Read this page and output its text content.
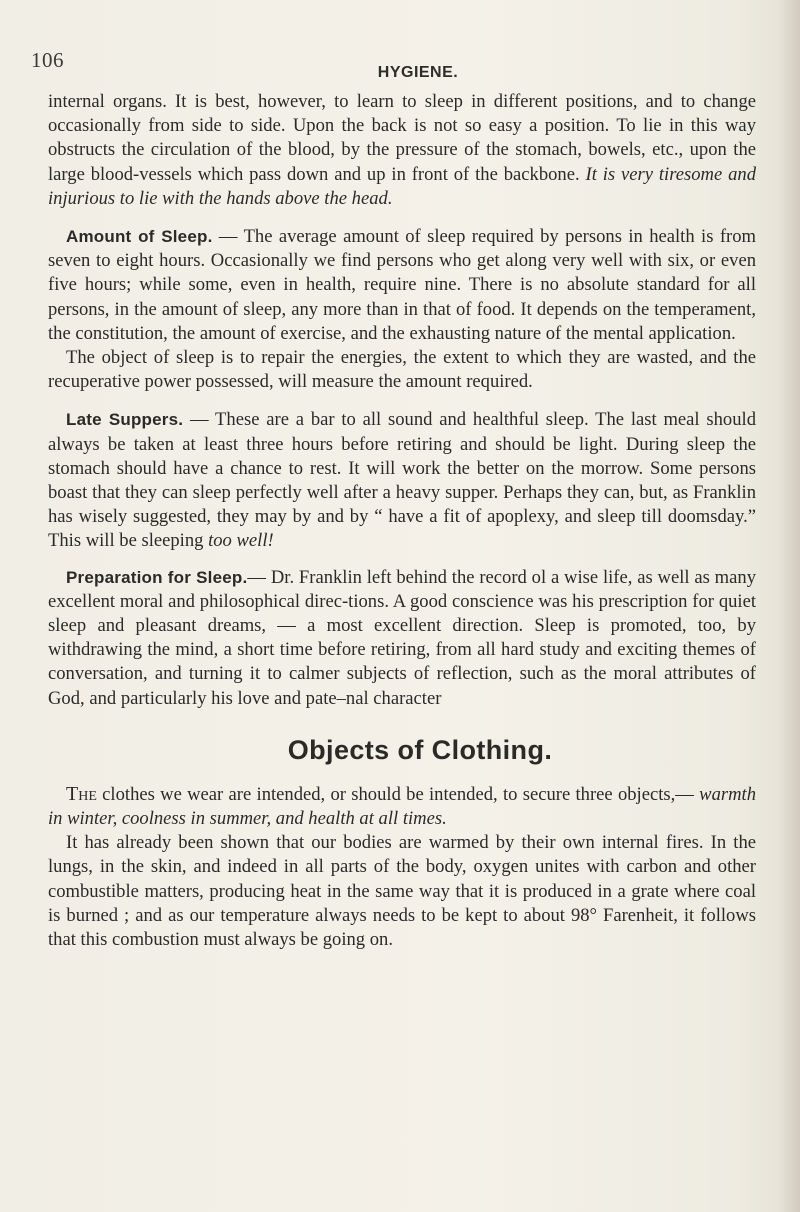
106
HYGIENE.

internal organs. It is best, however, to learn to sleep in different positions, and to change occasionally from side to side. Upon the back is not so easy a position. To lie in this way obstructs the circulation of the blood, by the pressure of the stomach, bowels, etc., upon the large blood-vessels which pass down and up in front of the backbone. It is very tiresome and injurious to lie with the hands above the head.

Amount of Sleep. — The average amount of sleep required by persons in health is from seven to eight hours. Occasionally we find persons who get along very well with six, or even five hours; while some, even in health, require nine. There is no absolute standard for all persons, in the amount of sleep, any more than in that of food. It depends on the temperament, the constitution, the amount of exercise, and the exhausting nature of the mental application.

The object of sleep is to repair the energies, the extent to which they are wasted, and the recuperative power possessed, will measure the amount required.

Late Suppers. — These are a bar to all sound and healthful sleep. The last meal should always be taken at least three hours before retiring and should be light. During sleep the stomach should have a chance to rest. It will work the better on the morrow. Some persons boast that they can sleep perfectly well after a heavy supper. Perhaps they can, but, as Franklin has wisely suggested, they may by and by “ have a fit of apoplexy, and sleep till doomsday.” This will be sleeping too well!

Preparation for Sleep.— Dr. Franklin left behind the record ol a wise life, as well as many excellent moral and philosophical direc-tions. A good conscience was his prescription for quiet sleep and pleasant dreams, — a most excellent direction. Sleep is promoted, too, by withdrawing the mind, a short time before retiring, from all hard study and exciting themes of conversation, and turning it to calmer subjects of reflection, such as the moral attributes of God, and particularly his love and pate‒nal character

Objects of Clothing.

The clothes we wear are intended, or should be intended, to secure three objects,— warmth in winter, coolness in summer, and health at all times.

It has already been shown that our bodies are warmed by their own internal fires. In the lungs, in the skin, and indeed in all parts of the body, oxygen unites with carbon and other combustible matters, producing heat in the same way that it is produced in a grate where coal is burned ; and as our temperature always needs to be kept to about 98° Farenheit, it follows that this combustion must always be going on.
